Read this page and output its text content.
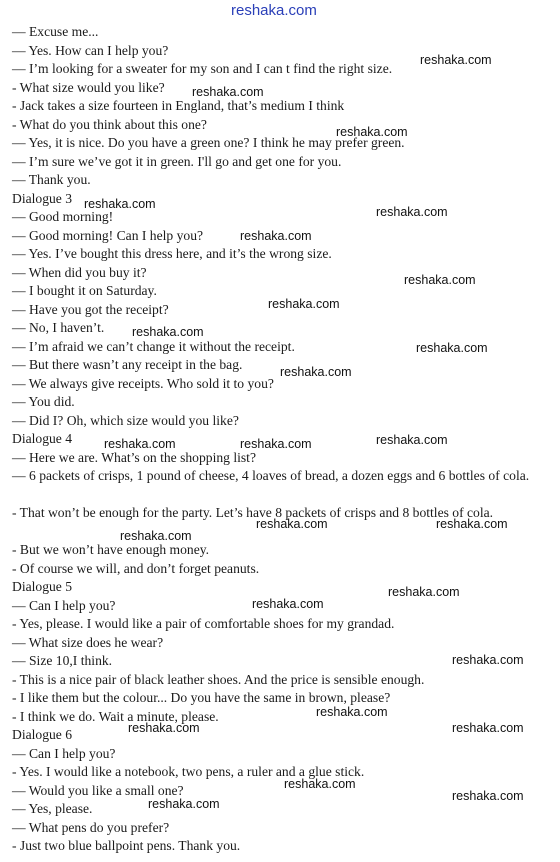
reshaka.com
— Excuse me...
— Yes. How can I help you?
— I’m looking for a sweater for my son and I can t find the right size.
- What size would you like?
- Jack takes a size fourteen in England, that’s medium I think
- What do you think about this one?
— Yes, it is nice. Do you have a green one? I think he may prefer green.
— I’m sure we’ve got it in green. I'll go and get one for you.
— Thank you.
Dialogue 3
— Good morning!
— Good morning! Can I help you?
— Yes. I’ve bought this dress here, and it’s the wrong size.
— When did you buy it?
— I bought it on Saturday.
— Have you got the receipt?
— No, I haven’t.
— I’m afraid we can’t change it without the receipt.
— But there wasn’t any receipt in the bag.
— We always give receipts. Who sold it to you?
— You did.
— Did I? Oh, which size would you like?
Dialogue 4
— Here we are. What’s on the shopping list?
— 6 packets of crisps, 1 pound of cheese, 4 loaves of bread, a dozen eggs and 6 bottles of cola.
- That won’t be enough for the party. Let’s have 8 packets of crisps and 8 bottles of cola.
- But we won’t have enough money.
- Of course we will, and don’t forget peanuts.
Dialogue 5
— Can I help you?
- Yes, please. I would like a pair of comfortable shoes for my grandad.
— What size does he wear?
— Size 10,I think.
- This is a nice pair of black leather shoes. And the price is sensible enough.
- I like them but the colour... Do you have the same in brown, please?
- I think we do. Wait a minute, please.
Dialogue 6
— Can I help you?
- Yes. I would like a notebook, two pens, a ruler and a glue stick.
— Would you like a small one?
— Yes, please.
— What pens do you prefer?
- Just two blue ballpoint pens. Thank you.
reshaka.com
reshaka.com
reshaka.com
reshaka.com
reshaka.com
reshaka.com
reshaka.com
reshaka.com
reshaka.com
reshaka.com
reshaka.com
reshaka.com	reshaka.com	reshaka.com
reshaka.com	reshaka.com
reshaka.com
reshaka.com
reshaka.com
reshaka.com
reshaka.com
reshaka.com	reshaka.com
reshaka.com
reshaka.com
reshaka.com
